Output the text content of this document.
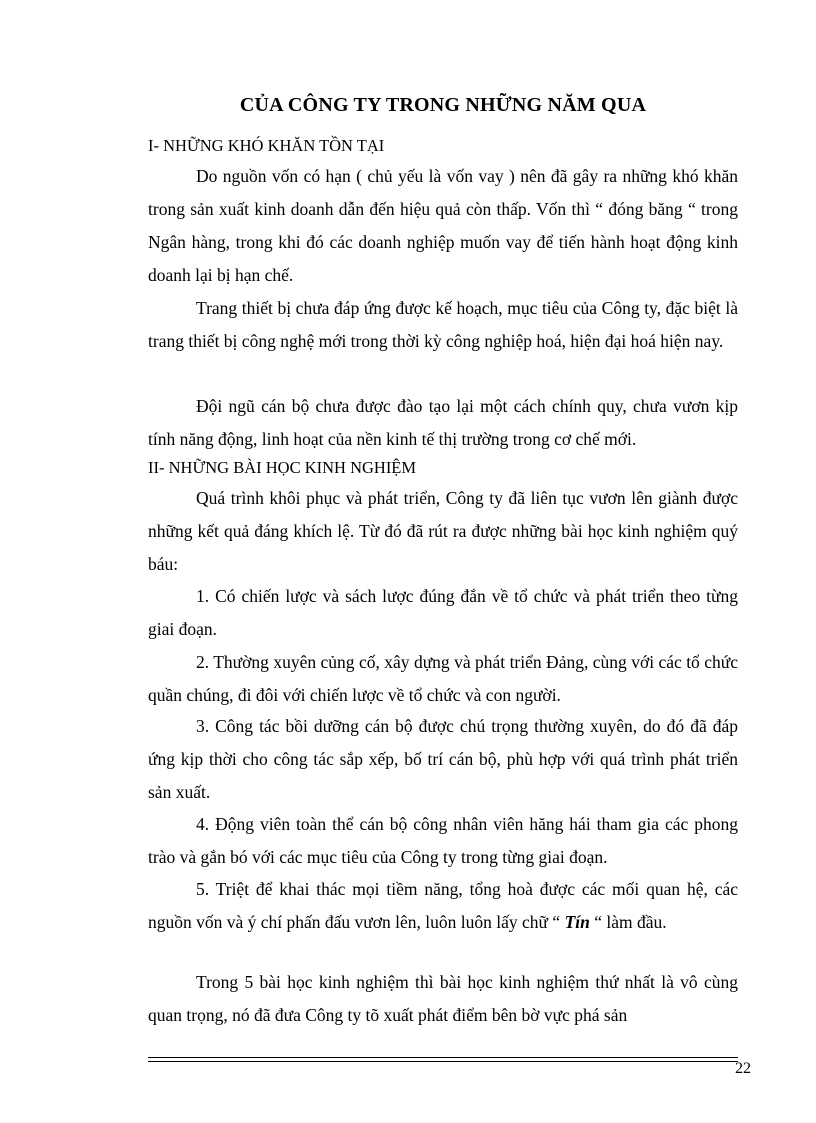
CỦA CÔNG TY TRONG NHỮNG NĂM QUA
I- NHỮNG KHÓ KHĂN TỒN TẠI

Do nguồn vốn có hạn ( chủ yếu là vốn vay ) nên đã gây ra những khó khăn trong sản xuất kinh doanh dẫn đến hiệu quả còn thấp. Vốn thì “ đóng băng “ trong Ngân hàng, trong khi đó các doanh nghiệp muốn vay để tiến hành hoạt động kinh doanh lại bị hạn chế.

Trang thiết bị chưa đáp ứng được kế hoạch, mục tiêu của Công ty, đặc biệt là trang thiết bị công nghệ mới trong thời kỳ công nghiệp hoá, hiện đại hoá hiện nay.

Đội ngũ cán bộ chưa được đào tạo lại một cách chính quy, chưa vươn kịp tính năng động, linh hoạt của nền kinh tế thị trường trong cơ chế mới.

II- NHỮNG BÀI HỌC KINH NGHIỆM

Quá trình khôi phục và phát triển, Công ty đã liên tục vươn lên giành được những kết quả đáng khích lệ. Từ đó đã rút ra được những bài học kinh nghiệm quý báu:

1. Có chiến lược và sách lược đúng đắn về tổ chức và phát triển theo từng giai đoạn.

2. Thường xuyên củng cố, xây dựng và phát triển Đảng, cùng với các tổ chức quần chúng, đi đôi với chiến lược về tổ chức và con người.

3. Công tác bồi dưỡng cán bộ được chú trọng thường xuyên, do đó đã đáp ứng kịp thời cho công tác sắp xếp, bố trí cán bộ, phù hợp với quá trình phát triển sản xuất.

4. Động viên toàn thể cán bộ công nhân viên hăng hái tham gia các phong trào và gắn bó với các mục tiêu của Công ty trong từng giai đoạn.

5. Triệt để khai thác mọi tiềm năng, tổng hoà được các mối quan hệ, các nguồn vốn và ý chí phấn đấu vươn lên, luôn luôn lấy chữ “ Tín “ làm đầu.

Trong 5 bài học kinh nghiệm thì bài học kinh nghiệm thứ nhất là vô cùng quan trọng, nó đã đưa Công ty tõ xuất phát điểm bên bờ vực phá sản

22
